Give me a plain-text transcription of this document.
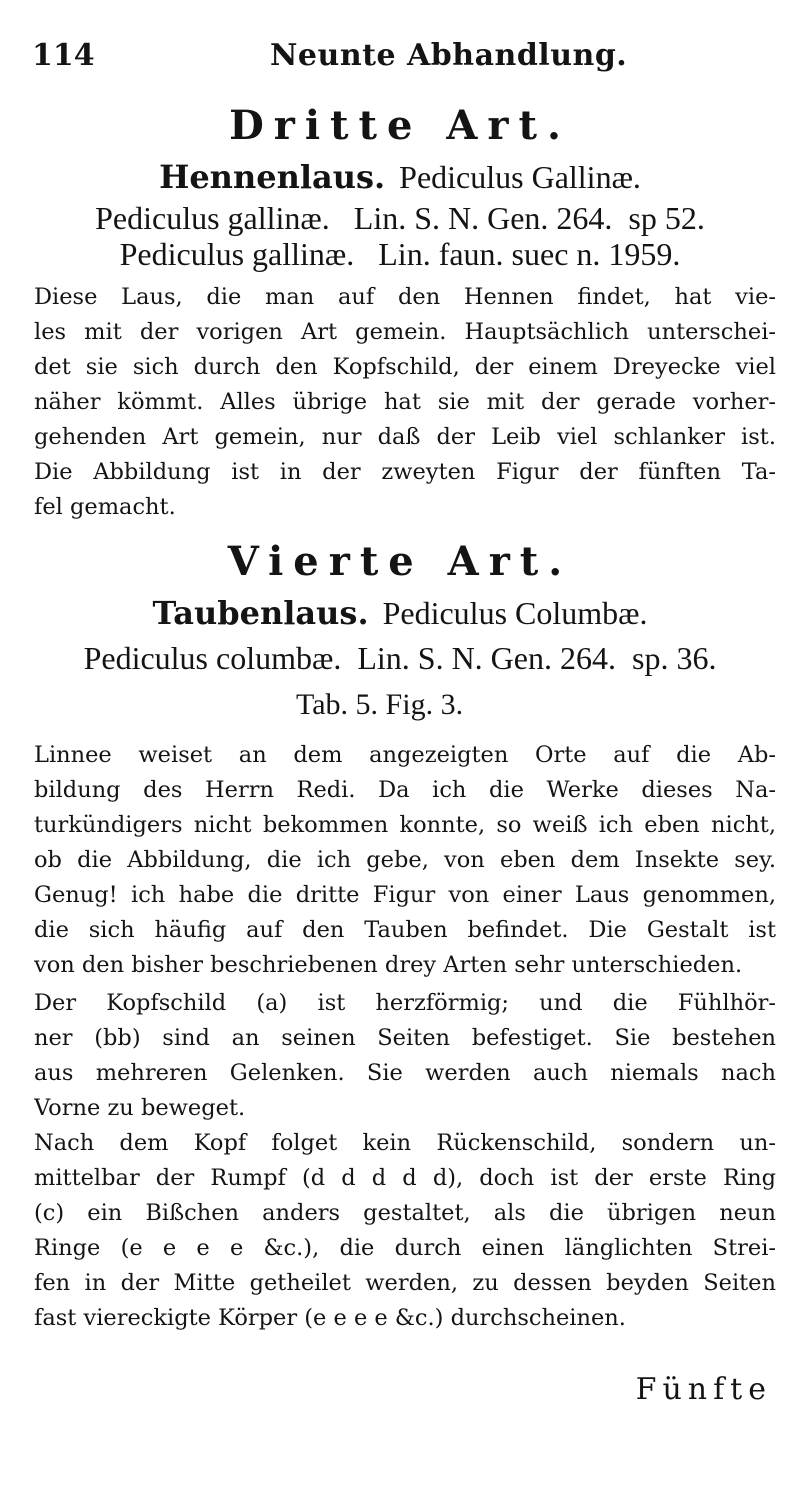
114	Neunte Abhandlung.
Dritte Art.
Hennenlaus. Pediculus Gallinæ.
Pediculus gallinæ.   Lin. S. N. Gen. 264.  sp 52.
Pediculus gallinæ.   Lin. faun. suec n. 1959.
Diese Laus, die man auf den Hennen findet, hat vie-
les mit der vorigen Art gemein. Hauptsächlich unterschei-
det sie sich durch den Kopfschild, der einem Dreyecke viel
näher kömmt. Alles übrige hat sie mit der gerade vorher-
gehenden Art gemein, nur daß der Leib viel schlanker ist.
Die Abbildung ist in der zweyten Figur der fünften Ta-
fel gemacht.
Vierte Art.
Taubenlaus. Pediculus Columbæ.
Pediculus columbæ.  Lin. S. N. Gen. 264.  sp. 36.
Tab. 5. Fig. 3.
Linnee weiset an dem angezeigten Orte auf die Ab-
bildung des Herrn Redi. Da ich die Werke dieses Na-
turkündigers nicht bekommen konnte, so weiß ich eben nicht,
ob die Abbildung, die ich gebe, von eben dem Insekte sey.
Genug! ich habe die dritte Figur von einer Laus genommen,
die sich häufig auf den Tauben befindet. Die Gestalt ist
von den bisher beschriebenen drey Arten sehr unterschieden.
Der Kopfschild (a) ist herzförmig; und die Fühlhör-
ner (bb) sind an seinen Seiten befestiget. Sie bestehen
aus mehreren Gelenken. Sie werden auch niemals nach
Vorne zu beweget.
Nach dem Kopf folget kein Rückenschild, sondern un-
mittelbar der Rumpf (d d d d d), doch ist der erste Ring
(c) ein Bißchen anders gestaltet, als die übrigen neun
Ringe (e e e e &c.), die durch einen länglichten Strei-
fen in der Mitte getheilet werden, zu dessen beyden Seiten
fast viereckigte Körper (e e e e &c.) durchscheinen.
Fünfte
